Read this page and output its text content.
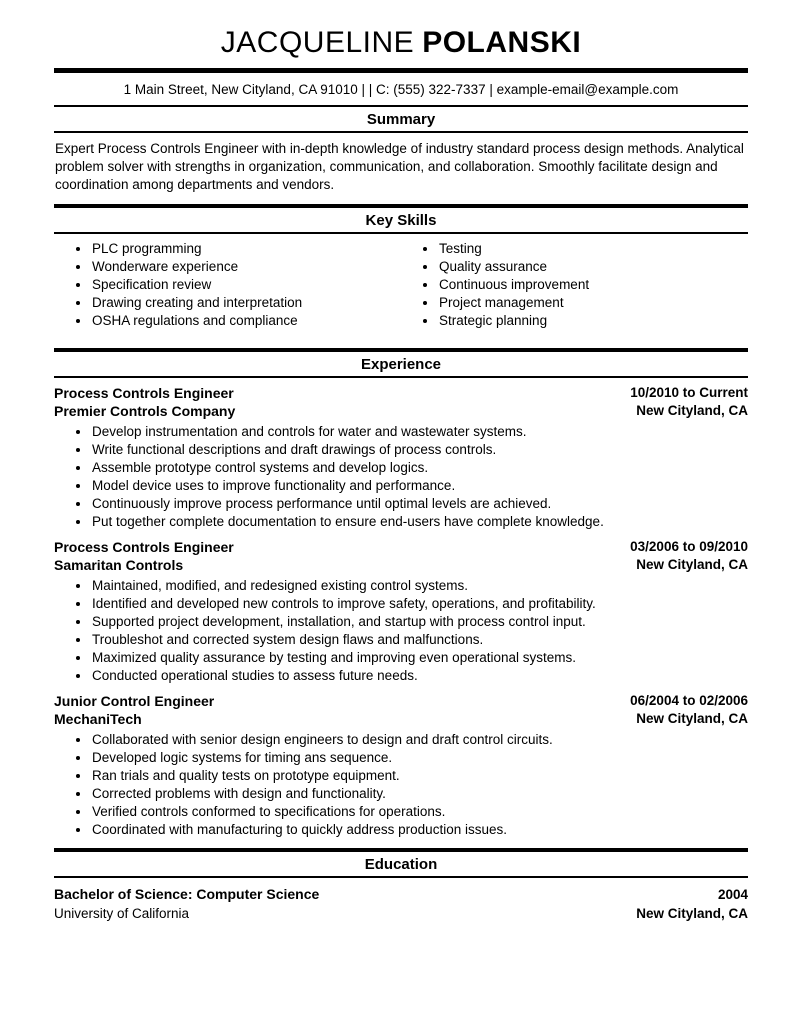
JACQUELINE POLANSKI
1 Main Street, New Cityland, CA 91010 | | C: (555) 322-7337 | example-email@example.com
Summary

Expert Process Controls Engineer with in-depth knowledge of industry standard process design methods. Analytical problem solver with strengths in organization, communication, and collaboration. Smoothly facilitate design and coordination among departments and vendors.

Key Skills
• PLC programming
• Wonderware experience
• Specification review
• Drawing creating and interpretation
• OSHA regulations and compliance
• Testing
• Quality assurance
• Continuous improvement
• Project management
• Strategic planning
Experience
Process Controls Engineer
Premier Controls Company
10/2010 to Current
New Cityland, CA
• Develop instrumentation and controls for water and wastewater systems.
• Write functional descriptions and draft drawings of process controls.
• Assemble prototype control systems and develop logics.
• Model device uses to improve functionality and performance.
• Continuously improve process performance until optimal levels are achieved.
• Put together complete documentation to ensure end-users have complete knowledge.
Process Controls Engineer
Samaritan Controls
03/2006 to 09/2010
New Cityland, CA
• Maintained, modified, and redesigned existing control systems.
• Identified and developed new controls to improve safety, operations, and profitability.
• Supported project development, installation, and startup with process control input.
• Troubleshot and corrected system design flaws and malfunctions.
• Maximized quality assurance by testing and improving even operational systems.
• Conducted operational studies to assess future needs.
Junior Control Engineer
MechaniTech
06/2004 to 02/2006
New Cityland, CA
• Collaborated with senior design engineers to design and draft control circuits.
• Developed logic systems for timing ans sequence.
• Ran trials and quality tests on prototype equipment.
• Corrected problems with design and functionality.
• Verified controls conformed to specifications for operations.
• Coordinated with manufacturing to quickly address production issues.
Education
Bachelor of Science: Computer Science	2004
University of California	New Cityland, CA
